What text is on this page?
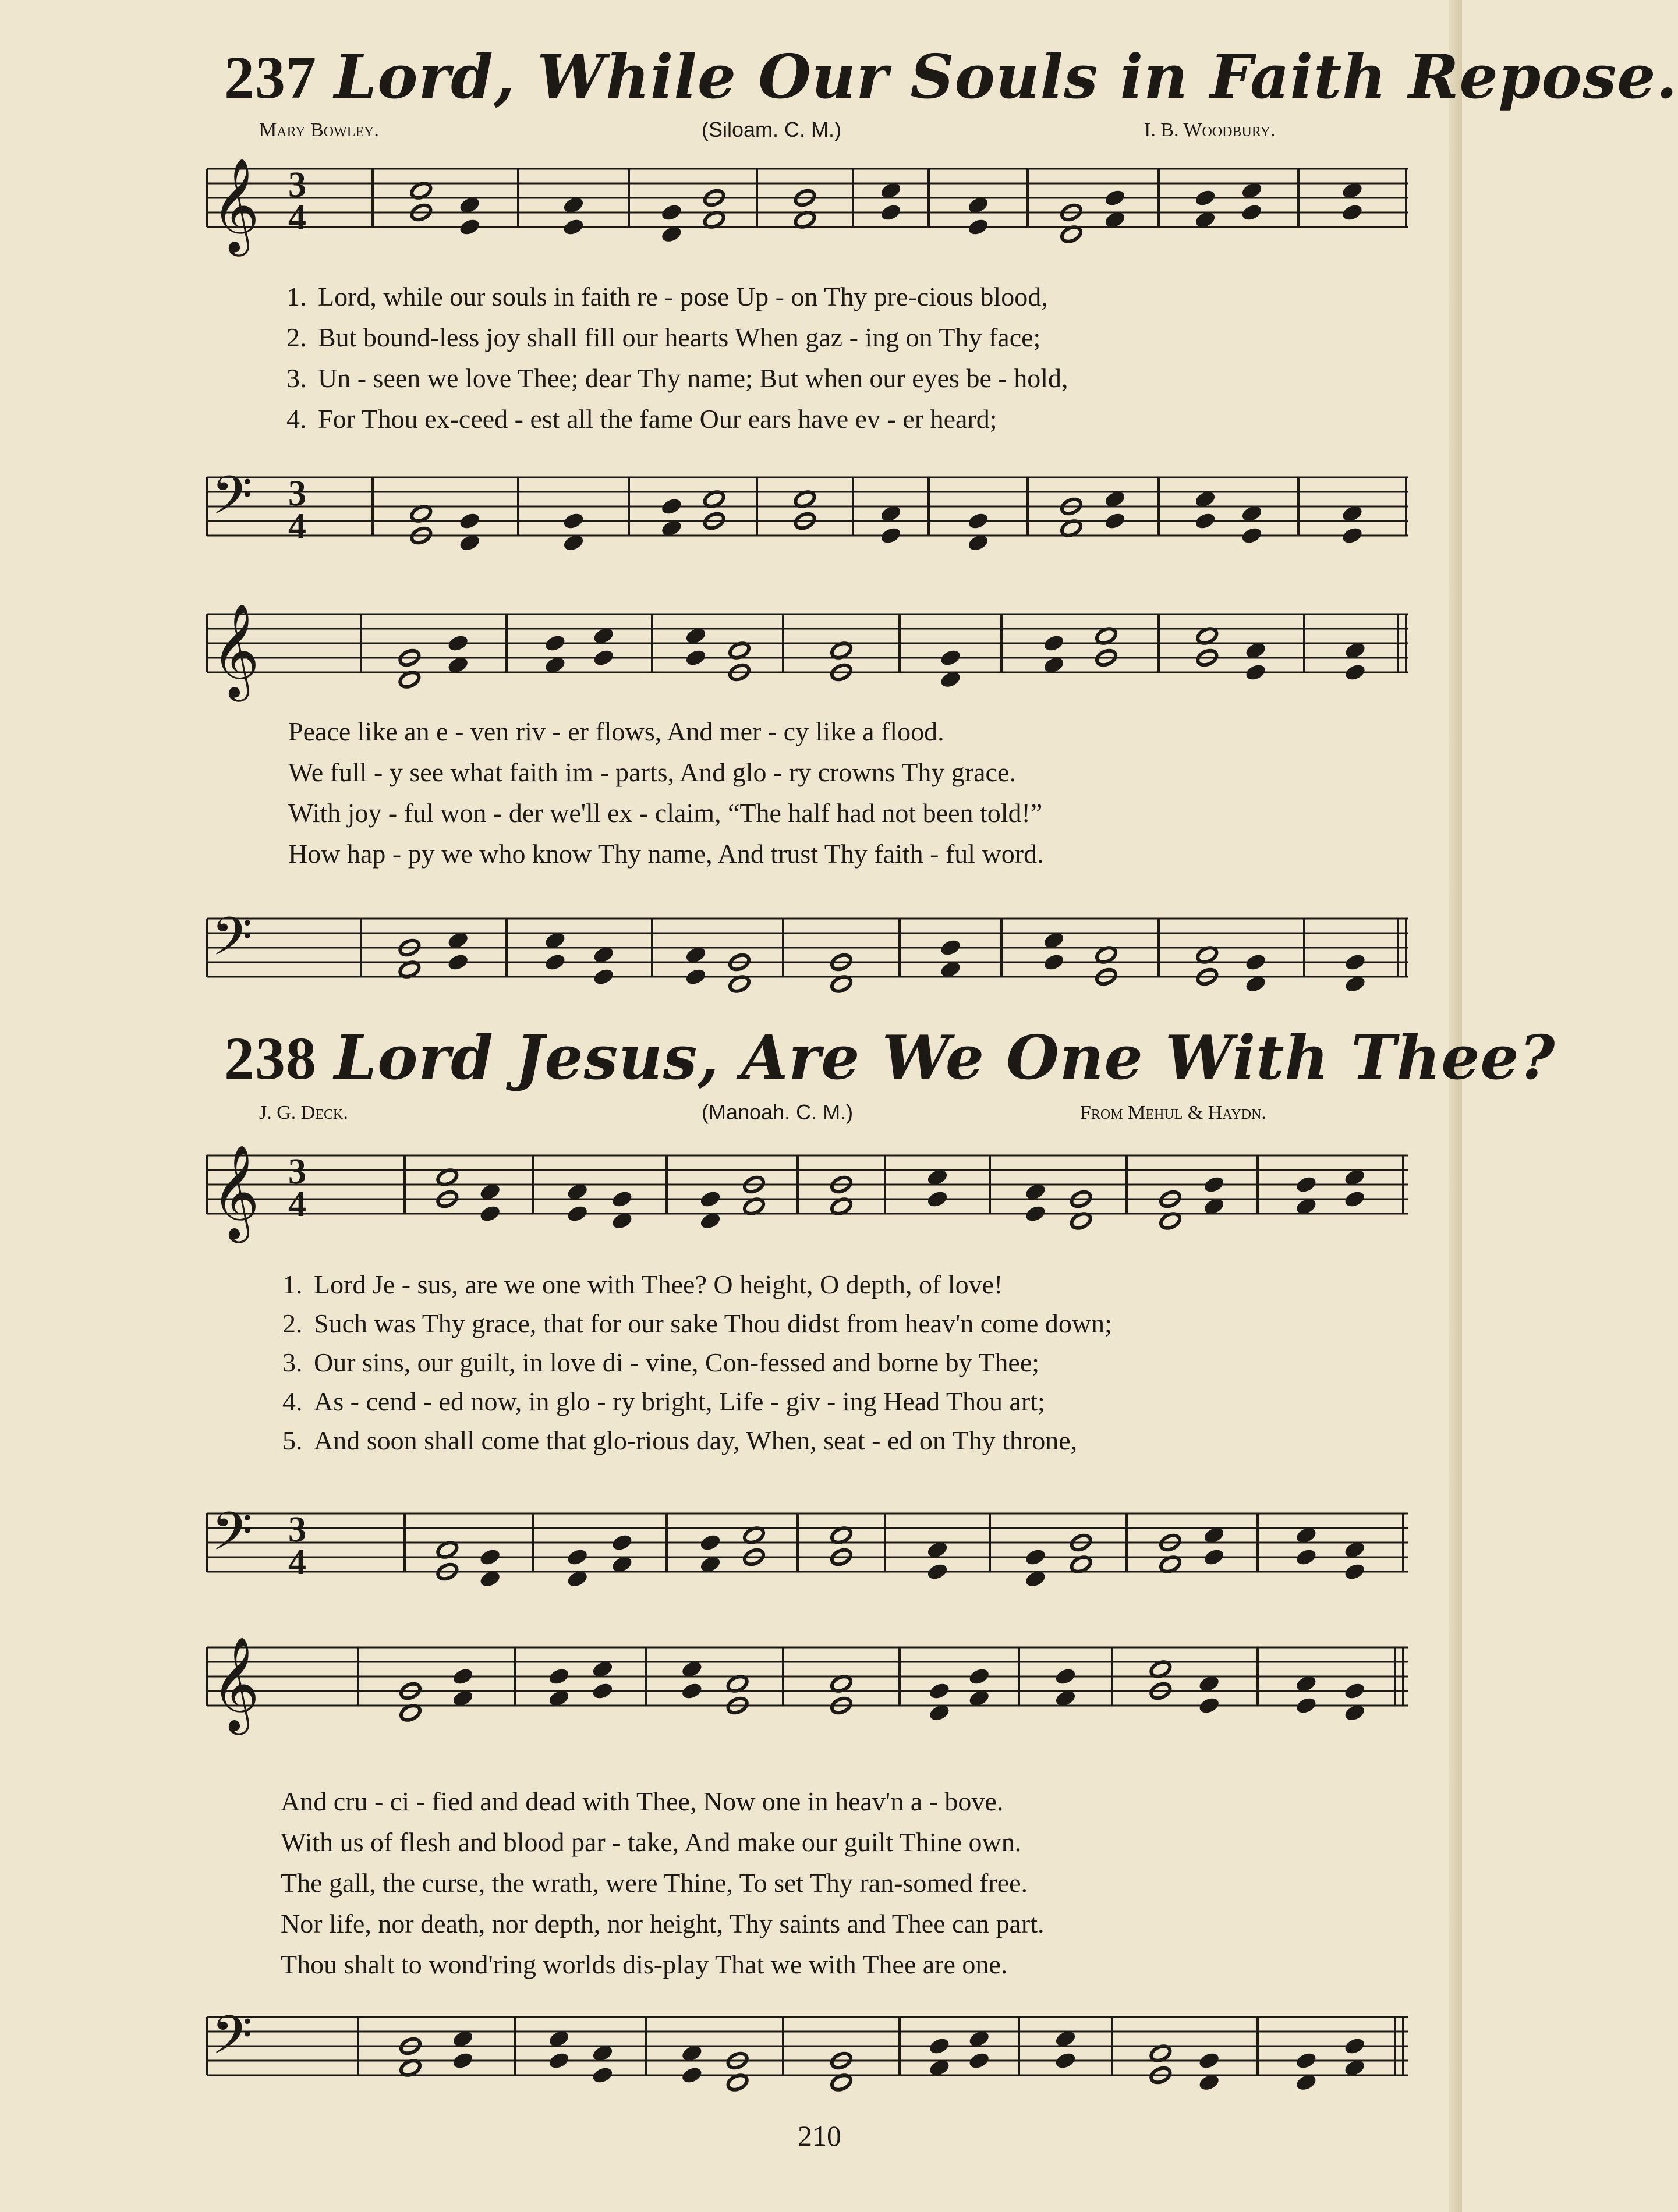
237 Lord, While Our Souls in Faith Repose.
Mary Bowley.	(Siloam. C. M.)	I. B. Woodbury.
1. Lord, while our souls in faith re - pose Up - on Thy pre-cious blood,
2. But bound-less joy shall fill our hearts When gaz - ing on Thy face;
3. Un - seen we love Thee; dear Thy name; But when our eyes be - hold,
4. For Thou ex-ceed - est all the fame Our ears have ev - er heard;
Peace like an e - ven riv - er flows, And mer - cy like a flood.
We full - y see what faith im - parts, And glo - ry crowns Thy grace.
With joy - ful won - der we'll ex - claim, “The half had not been told!”
How hap - py we who know Thy name, And trust Thy faith - ful word.
238 Lord Jesus, Are We One With Thee?
J. G. Deck.	(Manoah. C. M.)	From Mehul & Haydn.
1. Lord Je - sus, are we one with Thee? O height, O depth, of love!
2. Such was Thy grace, that for our sake Thou didst from heav'n come down;
3. Our sins, our guilt, in love di - vine, Con-fessed and borne by Thee;
4. As - cend - ed now, in glo - ry bright, Life - giv - ing Head Thou art;
5. And soon shall come that glo-rious day, When, seat - ed on Thy throne,
And cru - ci - fied and dead with Thee, Now one in heav'n a - bove.
With us of flesh and blood par - take, And make our guilt Thine own.
The gall, the curse, the wrath, were Thine, To set Thy ran-somed free.
Nor life, nor death, nor depth, nor height, Thy saints and Thee can part.
Thou shalt to wond'ring worlds dis-play That we with Thee are one.
210
𝄞 3
4
𝄢 3
4
𝄞
𝄢
𝄞 3
4
𝄢 3
4
𝄞
𝄢
